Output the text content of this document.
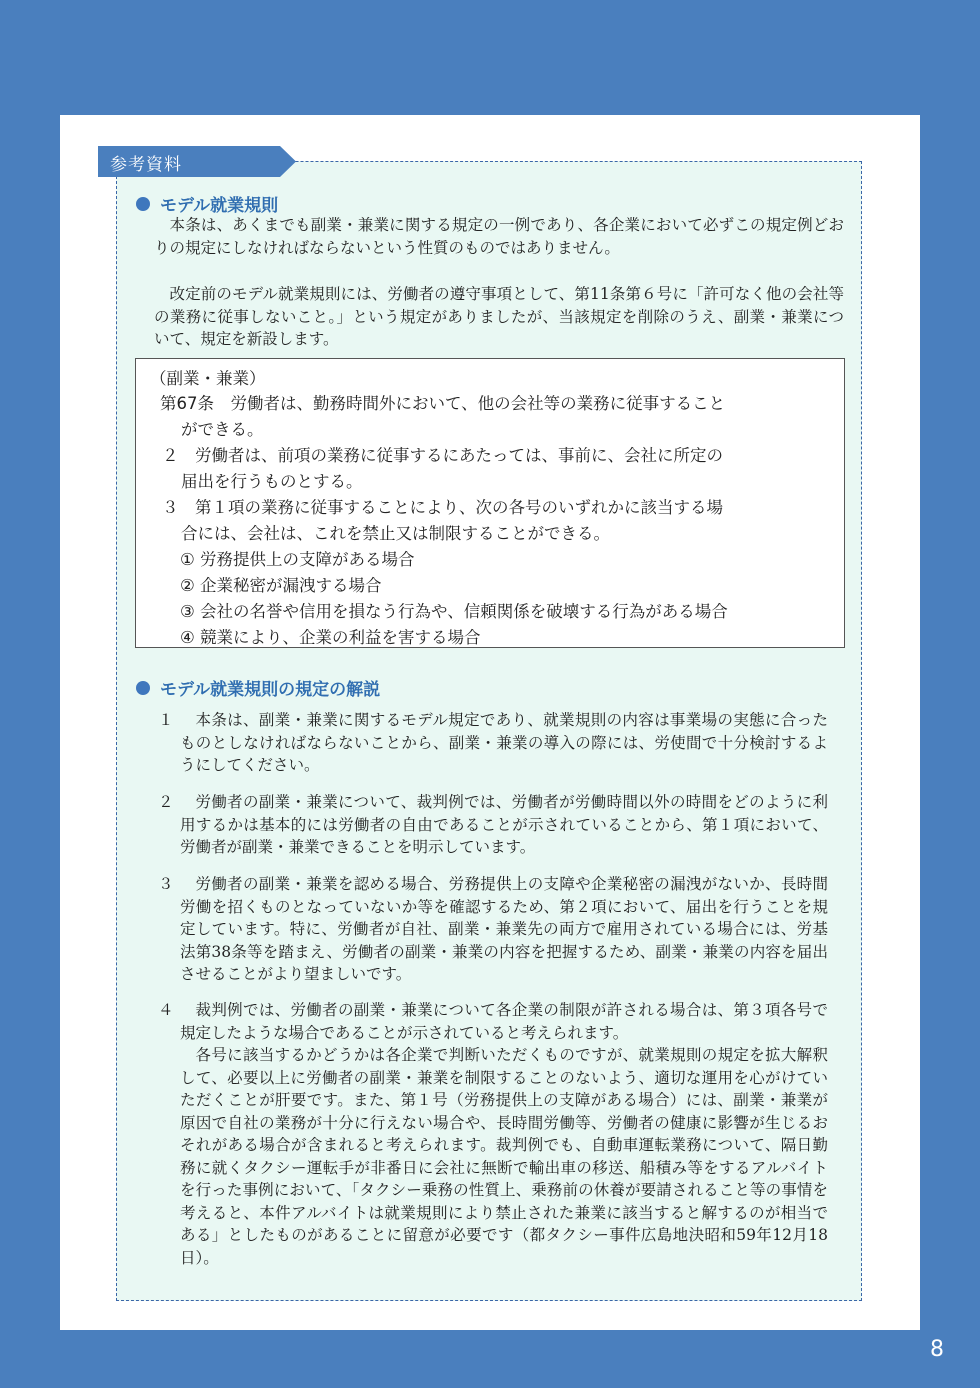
参考資料
モデル就業規則
本条は、あくまでも副業・兼業に関する規定の一例であり、各企業において必ずこの規定例どおりの規定にしなければならないという性質のものではありません。
改定前のモデル就業規則には、労働者の遵守事項として、第11条第６号に「許可なく他の会社等の業務に従事しないこと。」という規定がありましたが、当該規定を削除のうえ、副業・兼業について、規定を新設します。
（副業・兼業）
第67条　労働者は、勤務時間外において、他の会社等の業務に従事すること
ができる。
２　労働者は、前項の業務に従事するにあたっては、事前に、会社に所定の
届出を行うものとする。
３　第１項の業務に従事することにより、次の各号のいずれかに該当する場
合には、会社は、これを禁止又は制限することができる。
① 労務提供上の支障がある場合
② 企業秘密が漏洩する場合
③ 会社の名誉や信用を損なう行為や、信頼関係を破壊する行為がある場合
④ 競業により、企業の利益を害する場合
モデル就業規則の規定の解説
１	本条は、副業・兼業に関するモデル規定であり、就業規則の内容は事業場の実態に合ったものとしなければならないことから、副業・兼業の導入の際には、労使間で十分検討するようにしてください。
２	労働者の副業・兼業について、裁判例では、労働者が労働時間以外の時間をどのように利用するかは基本的には労働者の自由であることが示されていることから、第１項において、労働者が副業・兼業できることを明示しています。
３	労働者の副業・兼業を認める場合、労務提供上の支障や企業秘密の漏洩がないか、長時間労働を招くものとなっていないか等を確認するため、第２項において、届出を行うことを規定しています。特に、労働者が自社、副業・兼業先の両方で雇用されている場合には、労基法第38条等を踏まえ、労働者の副業・兼業の内容を把握するため、副業・兼業の内容を届出させることがより望ましいです。
４	裁判例では、労働者の副業・兼業について各企業の制限が許される場合は、第３項各号で規定したような場合であることが示されていると考えられます。
各号に該当するかどうかは各企業で判断いただくものですが、就業規則の規定を拡大解釈して、必要以上に労働者の副業・兼業を制限することのないよう、適切な運用を心がけていただくことが肝要です。また、第１号（労務提供上の支障がある場合）には、副業・兼業が原因で自社の業務が十分に行えない場合や、長時間労働等、労働者の健康に影響が生じるおそれがある場合が含まれると考えられます。裁判例でも、自動車運転業務について、隔日勤務に就くタクシー運転手が非番日に会社に無断で輸出車の移送、船積み等をするアルバイトを行った事例において、「タクシー乗務の性質上、乗務前の休養が要請されること等の事情を考えると、本件アルバイトは就業規則により禁止された兼業に該当すると解するのが相当である」としたものがあることに留意が必要です（都タクシー事件広島地決昭和59年12月18日）。
8
